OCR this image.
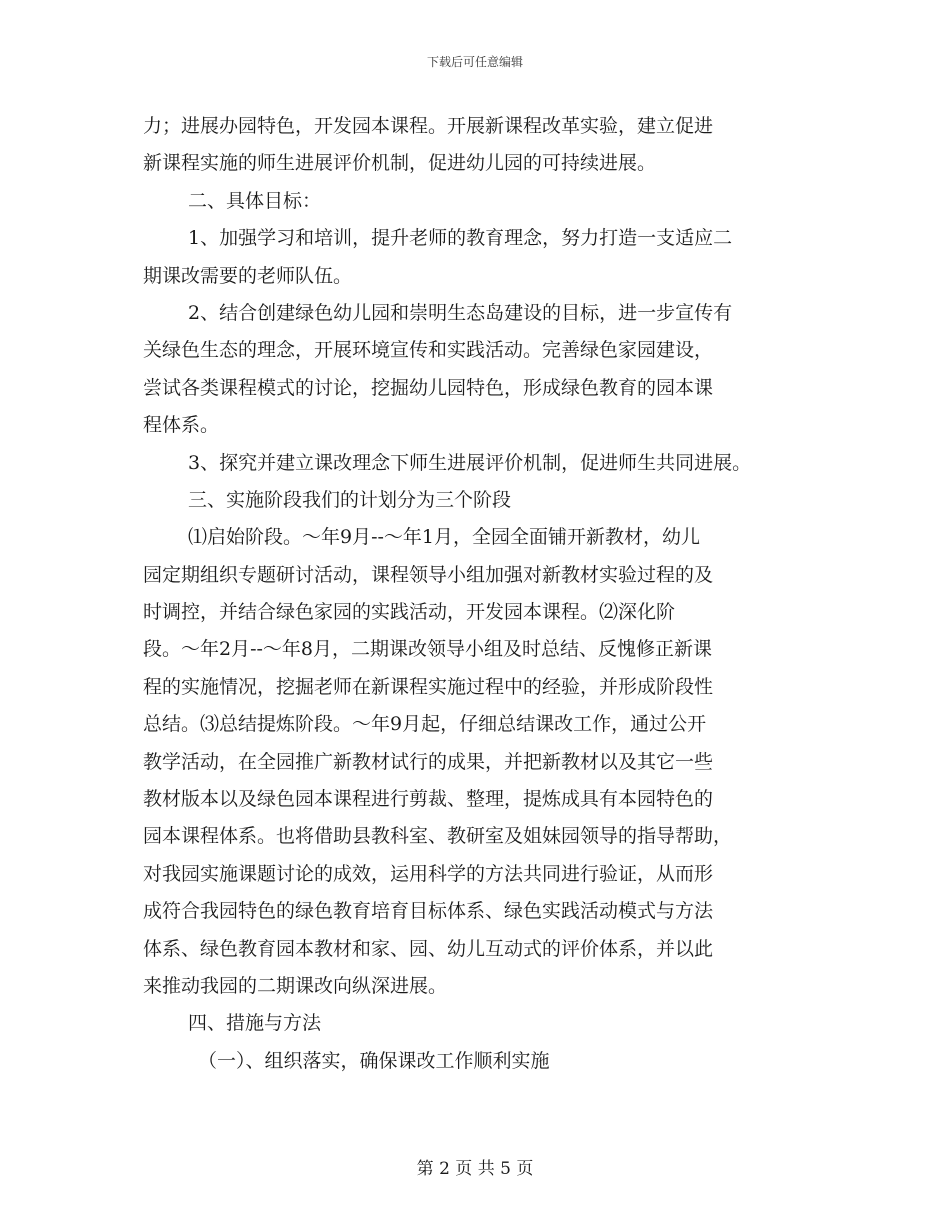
下载后可任意编辑
力；进展办园特色，开发园本课程。开展新课程改革实验，建立促进
新课程实施的师生进展评价机制，促进幼儿园的可持续进展。
二、具体目标：
1、加强学习和培训，提升老师的教育理念，努力打造一支适应二
期课改需要的老师队伍。
2、结合创建绿色幼儿园和崇明生态岛建设的目标，进一步宣传有
关绿色生态的理念，开展环境宣传和实践活动。完善绿色家园建设，
尝试各类课程模式的讨论，挖掘幼儿园特色，形成绿色教育的园本课
程体系。
3、探究并建立课改理念下师生进展评价机制，促进师生共同进展。
三、实施阶段我们的计划分为三个阶段
⑴启始阶段。～年9月--～年1月，全园全面铺开新教材，幼儿
园定期组织专题研讨活动，课程领导小组加强对新教材实验过程的及
时调控，并结合绿色家园的实践活动，开发园本课程。⑵深化阶
段。～年2月--～年8月，二期课改领导小组及时总结、反愧修正新课
程的实施情况，挖掘老师在新课程实施过程中的经验，并形成阶段性
总结。⑶总结提炼阶段。～年9月起，仔细总结课改工作，通过公开
教学活动，在全园推广新教材试行的成果，并把新教材以及其它一些
教材版本以及绿色园本课程进行剪裁、整理，提炼成具有本园特色的
园本课程体系。也将借助县教科室、教研室及姐妹园领导的指导帮助，
对我园实施课题讨论的成效，运用科学的方法共同进行验证，从而形
成符合我园特色的绿色教育培育目标体系、绿色实践活动模式与方法
体系、绿色教育园本教材和家、园、幼儿互动式的评价体系，并以此
来推动我园的二期课改向纵深进展。
四、措施与方法
（一）、组织落实，确保课改工作顺利实施
第 2 页 共 5 页
